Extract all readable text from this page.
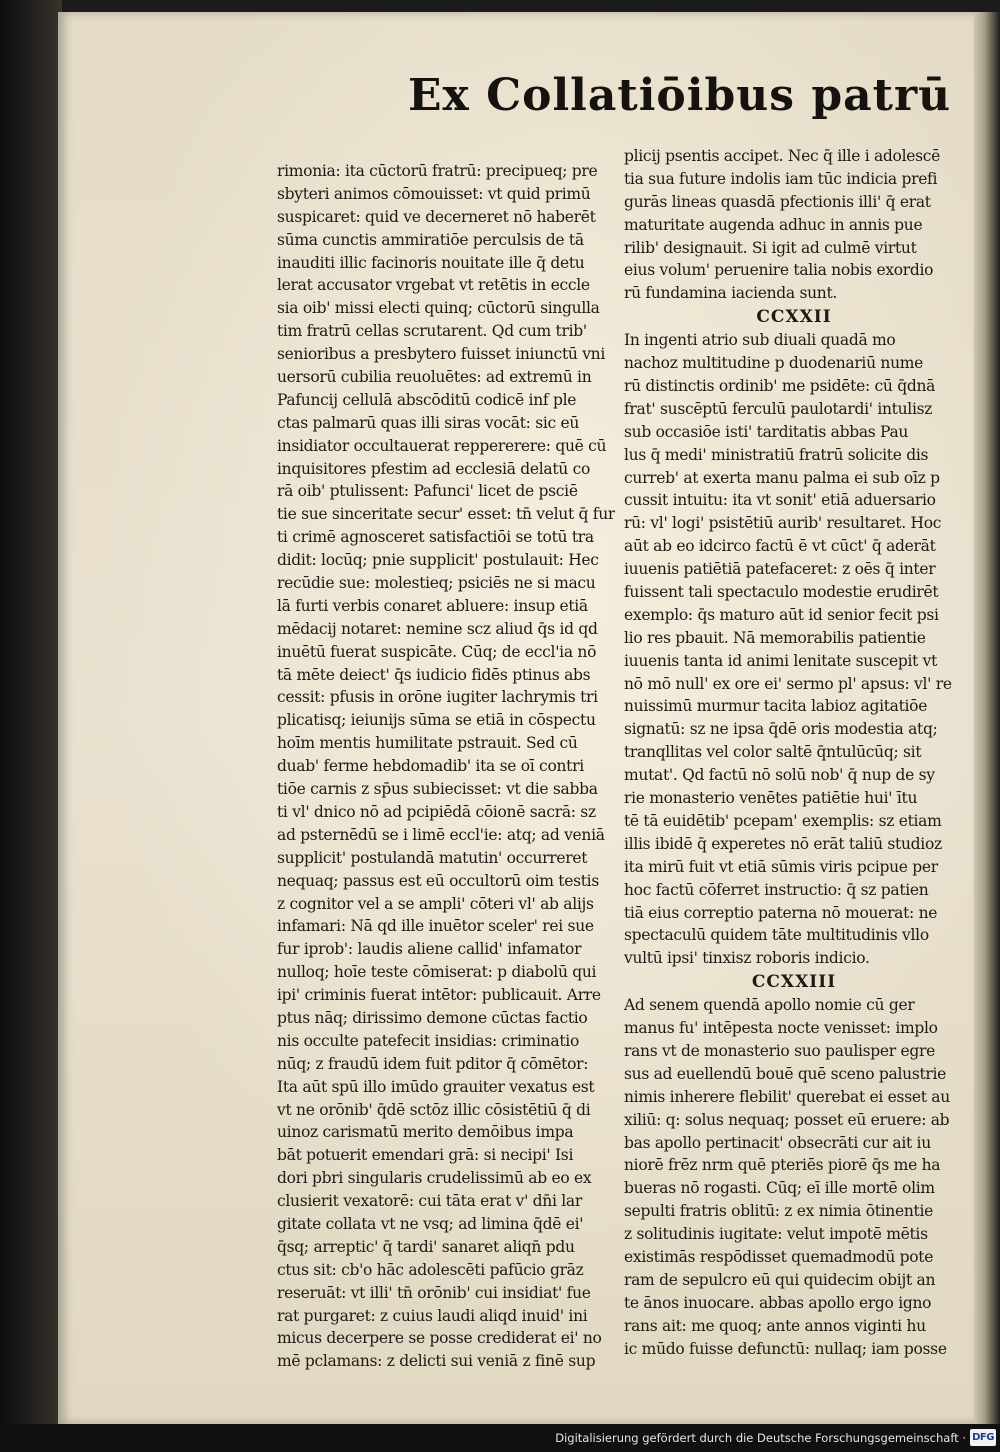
Ex Collatiōibus patrū
rimonia: ita cūctorū fratrū: precipueq; pre
sbyteri animos cōmouisset: vt quid primū
suspicaret: quid ve decerneret nō haberēt
sūma cunctis ammiratiōe perculsis de tā
inauditi illic facinoris nouitate ille q̄ detu
lerat accusator vrgebat vt retētis in eccle
sia oib' missi electi quinq; cūctorū singulla
tim fratrū cellas scrutarent. Qd cum trib'
senioribus a presbytero fuisset iniunctū vni
uersorū cubilia reuoluētes: ad extremū in
Pafuncij cellulā abscōditū codicē inf ple
ctas palmarū quas illi siras vocāt: sic eū
insidiator occultauerat reppererere: quē cū
inquisitores pfestim ad ecclesiā delatū co
rā oib' ptulissent: Pafunci' licet de psciē
tie sue sinceritate secur' esset: tn̄ velut q̄ fur
ti crimē agnosceret satisfactiōi se totū tra
didit: locūq; pnie supplicit' postulauit: Hec
recūdie sue: molestieq; psiciēs ne si macu
lā furti verbis conaret abluere: insup etiā
mēdacij notaret: nemine scz aliud q̄s id qd
inuētū fuerat suspicāte. Cūq; de eccl'ia nō
tā mēte deiect' q̄s iudicio fidēs ptinus abs
cessit: pfusis in orōne iugiter lachrymis tri
plicatisq; ieiunijs sūma se etiā in cōspectu
hoīm mentis humilitate pstrauit. Sed cū
duab' ferme hebdomadib' ita se oī contri
tiōe carnis z sp̄us subiecisset: vt die sabba
ti vl' dnico nō ad pcipiēdā cōionē sacrā: sz
ad psternēdū se i limē eccl'ie: atq; ad veniā
supplicit' postulandā matutin' occurreret
nequaq; passus est eū occultorū oim testis
z cognitor vel a se ampli' cōteri vl' ab alijs
infamari: Nā qd ille inuētor sceler' rei sue
fur iprob': laudis aliene callid' infamator
nulloq; hoīe teste cōmiserat: p diabolū qui
ipi' criminis fuerat intētor: publicauit. Arre
ptus nāq; dirissimo demone cūctas factio
nis occulte patefecit insidias: criminatio
nūq; z fraudū idem fuit pditor q̄ cōmētor:
Ita aūt spū illo imūdo grauiter vexatus est
vt ne orōnib' q̄dē sctōz illic cōsistētiū q̄ di
uinoz carismatū merito demōibus impa
bāt potuerit emendari grā: si necipi' Isi
dori pbri singularis crudelissimū ab eo ex
clusierit vexatorē: cui tāta erat v' dn̄i lar
gitate collata vt ne vsq; ad limina q̄dē ei'
q̄sq; arreptic' q̄ tardi' sanaret aliqn̄ pdu
ctus sit: cb'o hāc adolescēti pafūcio grāz
reseruāt: vt illi' tn̄ orōnib' cui insidiat' fue
rat purgaret: z cuius laudi aliqd inuid' ini
micus decerpere se posse crediderat ei' no
mē pclamans: z delicti sui veniā z finē sup
plicij psentis accipet. Nec q̄ ille i adolescē
tia sua future indolis iam tūc indicia prefi
gurās lineas quasdā pfectionis illi' q̄ erat
maturitate augenda adhuc in annis pue
rilib' designauit. Si igit ad culmē virtut
eius volum' peruenire talia nobis exordio
rū fundamina iacienda sunt.
CCXXII
In ingenti atrio sub diuali quadā mo
nachoz multitudine p duodenariū nume
rū distinctis ordinib' me psidēte: cū q̄dnā
frat' suscēptū ferculū paulotardi' intulisz
sub occasiōe isti' tarditatis abbas Pau
lus q̄ medi' ministratiū fratrū solicite dis
curreb' at exerta manu palma ei sub oīz p
cussit intuitu: ita vt sonit' etiā aduersario
rū: vl' logi' psistētiū aurib' resultaret. Hoc
aūt ab eo idcirco factū ē vt cūct' q̄ aderāt
iuuenis patiētiā patefaceret: z oēs q̄ inter
fuissent tali spectaculo modestie erudirēt
exemplo: q̄s maturo aūt id senior fecit psi
lio res pbauit. Nā memorabilis patientie
iuuenis tanta id animi lenitate suscepit vt
nō mō null' ex ore ei' sermo pl' apsus: vl' re
nuissimū murmur tacita labioz agitatiōe
signatū: sz ne ipsa q̄dē oris modestia atq;
tranqllitas vel color saltē q̄ntulūcūq; sit
mutat'. Qd factū nō solū nob' q̄ nup de sy
rie monasterio venētes patiētie hui' ītu
tē tā euidētib' pcepam' exemplis: sz etiam
illis ibidē q̄ experetes nō erāt taliū studioz
ita mirū fuit vt etiā sūmis viris pcipue per
hoc factū cōferret instructio: q̄ sz patien
tiā eius correptio paterna nō mouerat: ne
spectaculū quidem tāte multitudinis vllo
vultū ipsi' tinxisz roboris indicio.
CCXXIII
Ad senem quendā apollo nomie cū ger
manus fu' intēpesta nocte venisset: implo
rans vt de monasterio suo paulisper egre
sus ad euellendū bouē quē sceno palustrie
nimis inherere flebilit' querebat ei esset au
xiliū: q: solus nequaq; posset eū eruere: ab
bas apollo pertinacit' obsecrāti cur ait iu
niorē frēz nrm quē pteriēs piorē q̄s me ha
bueras nō rogasti. Cūq; eī ille mortē olim
sepulti fratris oblitū: z ex nimia ōtinentie
z solitudinis iugitate: velut impotē mētis
existimās respōdisset quemadmodū pote
ram de sepulcro eū qui quidecim obijt an
te ānos inuocare. abbas apollo ergo igno
rans ait: me quoq; ante annos viginti hu
ic mūdo fuisse defunctū: nullaq; iam posse
Digitalisierung gefördert durch die Deutsche Forschungsgemeinschaft · DFG
